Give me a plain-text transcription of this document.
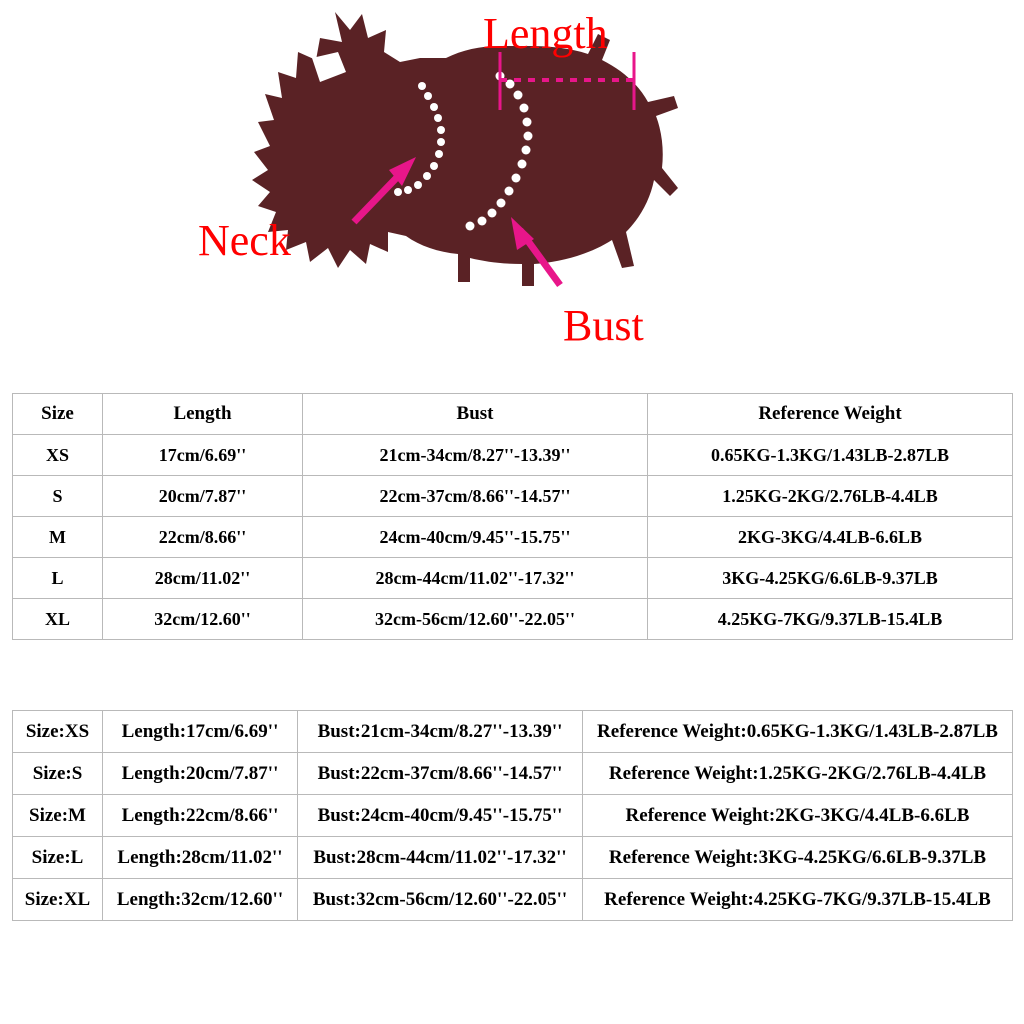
Length
Neck
Bust
Size	Length	Bust	Reference Weight
XS	17cm/6.69''	21cm-34cm/8.27''-13.39''	0.65KG-1.3KG/1.43LB-2.87LB
S	20cm/7.87''	22cm-37cm/8.66''-14.57''	1.25KG-2KG/2.76LB-4.4LB
M	22cm/8.66''	24cm-40cm/9.45''-15.75''	2KG-3KG/4.4LB-6.6LB
L	28cm/11.02''	28cm-44cm/11.02''-17.32''	3KG-4.25KG/6.6LB-9.37LB
XL	32cm/12.60''	32cm-56cm/12.60''-22.05''	4.25KG-7KG/9.37LB-15.4LB
Size:XS	Length:17cm/6.69''	Bust:21cm-34cm/8.27''-13.39''	Reference Weight:0.65KG-1.3KG/1.43LB-2.87LB
Size:S	Length:20cm/7.87''	Bust:22cm-37cm/8.66''-14.57''	Reference Weight:1.25KG-2KG/2.76LB-4.4LB
Size:M	Length:22cm/8.66''	Bust:24cm-40cm/9.45''-15.75''	Reference Weight:2KG-3KG/4.4LB-6.6LB
Size:L	Length:28cm/11.02''	Bust:28cm-44cm/11.02''-17.32''	Reference Weight:3KG-4.25KG/6.6LB-9.37LB
Size:XL	Length:32cm/12.60''	Bust:32cm-56cm/12.60''-22.05''	Reference Weight:4.25KG-7KG/9.37LB-15.4LB
